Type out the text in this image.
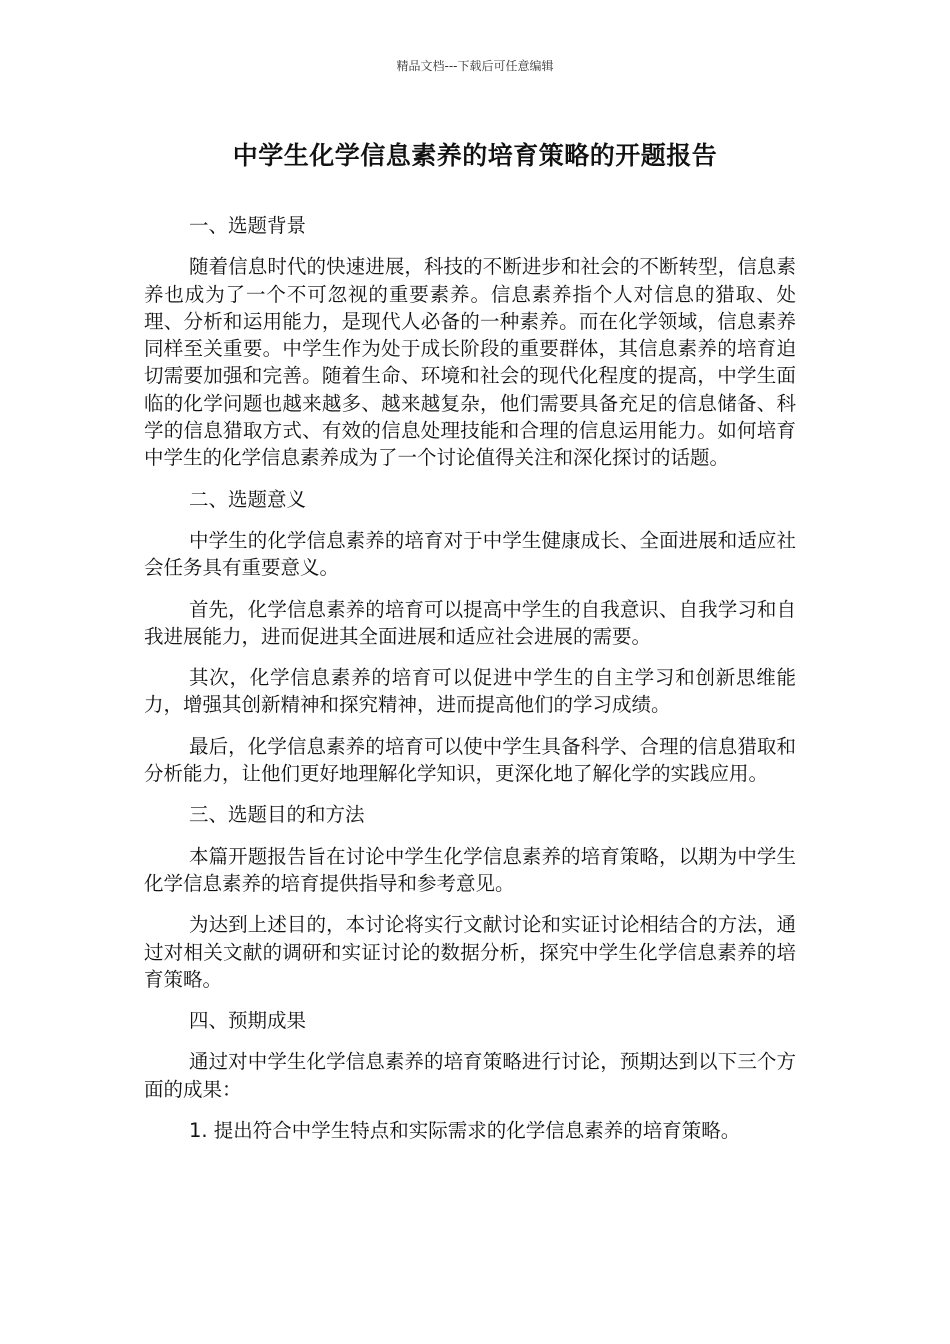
精品文档---下载后可任意编辑
中学生化学信息素养的培育策略的开题报告

一、选题背景

随着信息时代的快速进展，科技的不断进步和社会的不断转型，信息素养也成为了一个不可忽视的重要素养。信息素养指个人对信息的猎取、处理、分析和运用能力，是现代人必备的一种素养。而在化学领域，信息素养同样至关重要。中学生作为处于成长阶段的重要群体，其信息素养的培育迫切需要加强和完善。随着生命、环境和社会的现代化程度的提高，中学生面临的化学问题也越来越多、越来越复杂，他们需要具备充足的信息储备、科学的信息猎取方式、有效的信息处理技能和合理的信息运用能力。如何培育中学生的化学信息素养成为了一个讨论值得关注和深化探讨的话题。

二、选题意义

中学生的化学信息素养的培育对于中学生健康成长、全面进展和适应社会任务具有重要意义。

首先，化学信息素养的培育可以提高中学生的自我意识、自我学习和自我进展能力，进而促进其全面进展和适应社会进展的需要。

其次，化学信息素养的培育可以促进中学生的自主学习和创新思维能力，增强其创新精神和探究精神，进而提高他们的学习成绩。

最后，化学信息素养的培育可以使中学生具备科学、合理的信息猎取和分析能力，让他们更好地理解化学知识，更深化地了解化学的实践应用。

三、选题目的和方法

本篇开题报告旨在讨论中学生化学信息素养的培育策略，以期为中学生化学信息素养的培育提供指导和参考意见。

为达到上述目的，本讨论将实行文献讨论和实证讨论相结合的方法，通过对相关文献的调研和实证讨论的数据分析，探究中学生化学信息素养的培育策略。

四、预期成果

通过对中学生化学信息素养的培育策略进行讨论，预期达到以下三个方面的成果：

1. 提出符合中学生特点和实际需求的化学信息素养的培育策略。
